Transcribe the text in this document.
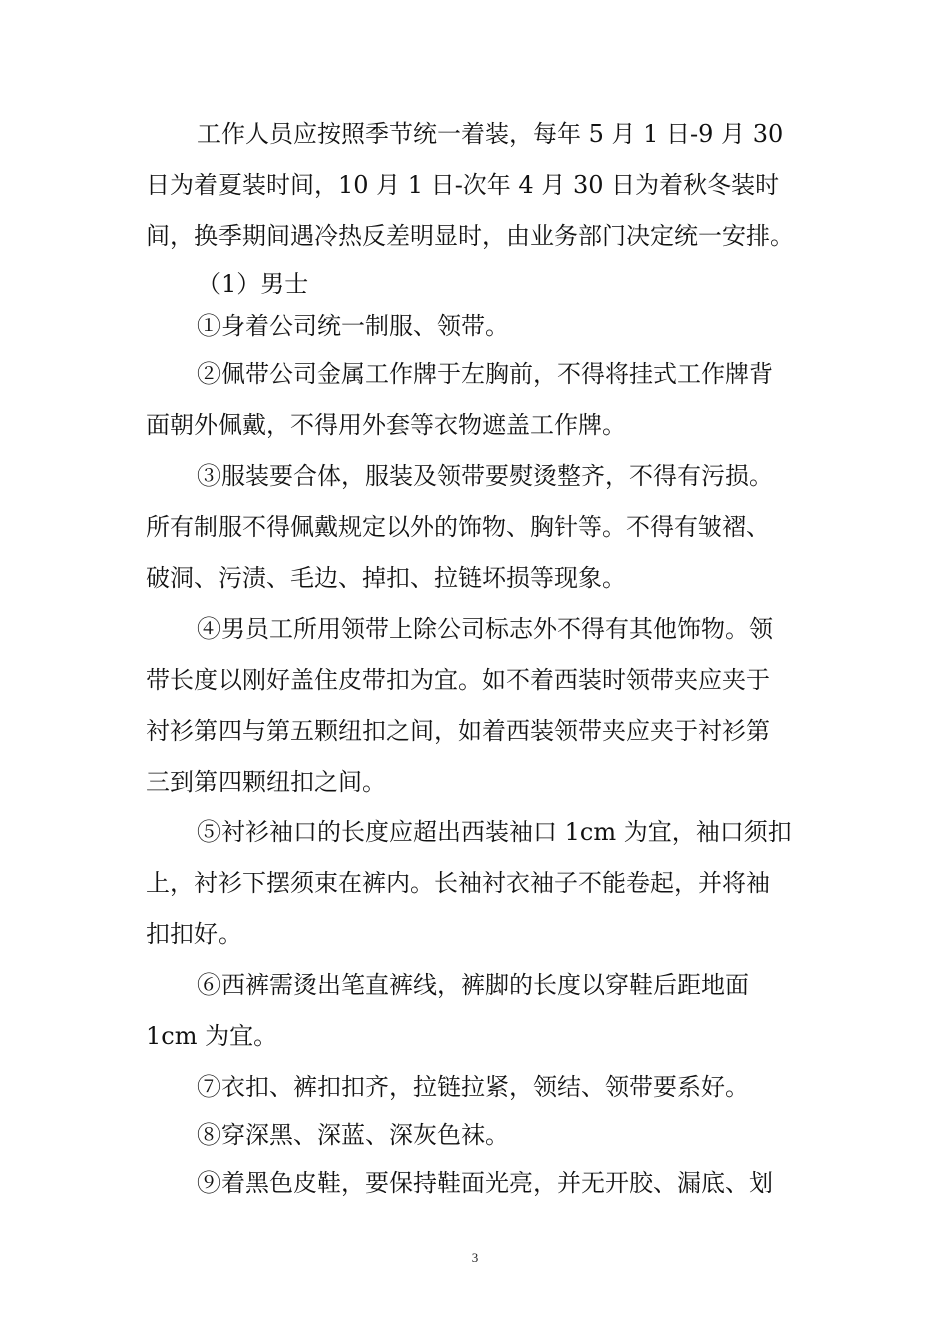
工作人员应按照季节统一着装，每年 5 月 1 日-9 月 30
日为着夏装时间，10 月 1 日-次年 4 月 30 日为着秋冬装时
间，换季期间遇冷热反差明显时，由业务部门决定统一安排。
（1）男士
①身着公司统一制服、领带。
②佩带公司金属工作牌于左胸前，不得将挂式工作牌背
面朝外佩戴，不得用外套等衣物遮盖工作牌。
③服装要合体，服装及领带要熨烫整齐，不得有污损。
所有制服不得佩戴规定以外的饰物、胸针等。不得有皱褶、
破洞、污渍、毛边、掉扣、拉链坏损等现象。
④男员工所用领带上除公司标志外不得有其他饰物。领
带长度以刚好盖住皮带扣为宜。如不着西装时领带夹应夹于
衬衫第四与第五颗纽扣之间，如着西装领带夹应夹于衬衫第
三到第四颗纽扣之间。
⑤衬衫袖口的长度应超出西装袖口 1cm 为宜，袖口须扣
上，衬衫下摆须束在裤内。长袖衬衣袖子不能卷起，并将袖
扣扣好。
⑥西裤需烫出笔直裤线，裤脚的长度以穿鞋后距地面
1cm 为宜。
⑦衣扣、裤扣扣齐，拉链拉紧，领结、领带要系好。
⑧穿深黑、深蓝、深灰色袜。
⑨着黑色皮鞋，要保持鞋面光亮，并无开胶、漏底、划
3
